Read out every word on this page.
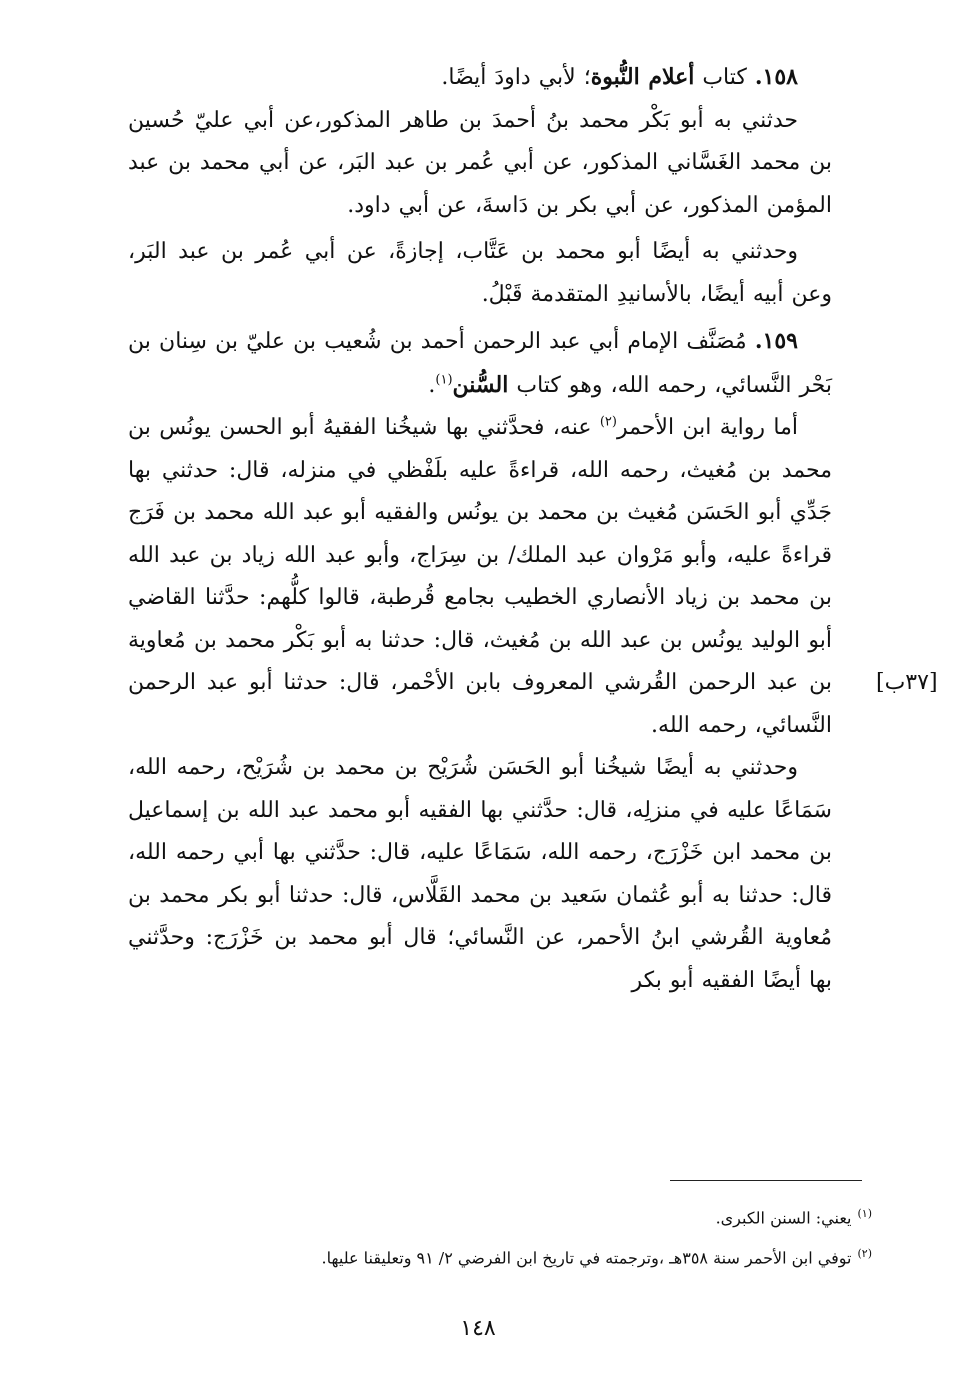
١٥٨. كتاب أعلام النُّبوة؛ لأبي داودَ أيضًا.

حدثني به أبو بَكْر محمد بنُ أحمدَ بن طاهر المذكور،عن أبي عليّ حُسين بن محمد الغَسَّاني المذكور، عن أبي عُمر بن عبد البَر، عن أبي محمد بن عبد المؤمن المذكور، عن أبي بكر بن دَاسةَ، عن أبي داود.

وحدثني به أيضًا أبو محمد بن عَتَّاب، إجازةً، عن أبي عُمر بن عبد البَر، وعن أبيه أيضًا، بالأسانيدِ المتقدمة قَبْلُ.

١٥٩. مُصَنَّف الإمام أبي عبد الرحمن أحمد بن شُعيب بن عليّ بن سِنان بن بَحْر النَّسائي، رحمه الله، وهو كتاب السُّنن$^{(١)}$.

أما رواية ابن الأحمر$^{(٢)}$ عنه، فحدَّثني بها شيخُنا الفقيهُ أبو الحسن يونُس بن محمد بن مُغيث، رحمه الله، قراءةً عليه بلَفْظي في منزله، قال: حدثني بها جَدِّي أبو الحَسَن مُغيث بن محمد بن يونُس والفقيه أبو عبد الله محمد بن فَرَج قراءةً عليه، وأبو مَرْوان عبد الملك/ بن سِرَاج، وأبو عبد الله زياد بن عبد الله بن محمد بن زياد الأنصاري الخطيب بجامع قُرطبة، قالوا كلُّهم: حدَّثنا القاضي أبو الوليد يونُس بن عبد الله بن مُغيث، قال: حدثنا به أبو بَكْر محمد بن مُعاوية بن عبد الرحمن القُرشي المعروف بابن الأحْمر، قال: حدثنا أبو عبد الرحمن النَّسائي، رحمه الله.

وحدثني به أيضًا شيخُنا أبو الحَسَن شُرَيْح بن محمد بن شُرَيْح، رحمه الله، سَمَاعًا عليه في منزلِه، قال: حدَّثني بها الفقيه أبو محمد عبد الله بن إسماعيل بن محمد ابن خَزْرَج، رحمه الله، سَمَاعًا عليه، قال: حدَّثني بها أبي رحمه الله، قال: حدثنا به أبو عُثمان سَعيد بن محمد القَلَّاس، قال: حدثنا أبو بكر محمد بن مُعاوية القُرشي ابنُ الأحمر، عن النَّسائي؛ قال أبو محمد بن خَزْرَج: وحدَّثني بها أيضًا الفقيه أبو بكر

[٣٧ب]
$^{(١)}$يعني: السنن الكبرى.
$^{(٢)}$توفي ابن الأحمر سنة ٣٥٨هـ ،وترجمته في تاريخ ابن الفرضي ٢/ ٩١ وتعليقنا عليها.
١٤٨
